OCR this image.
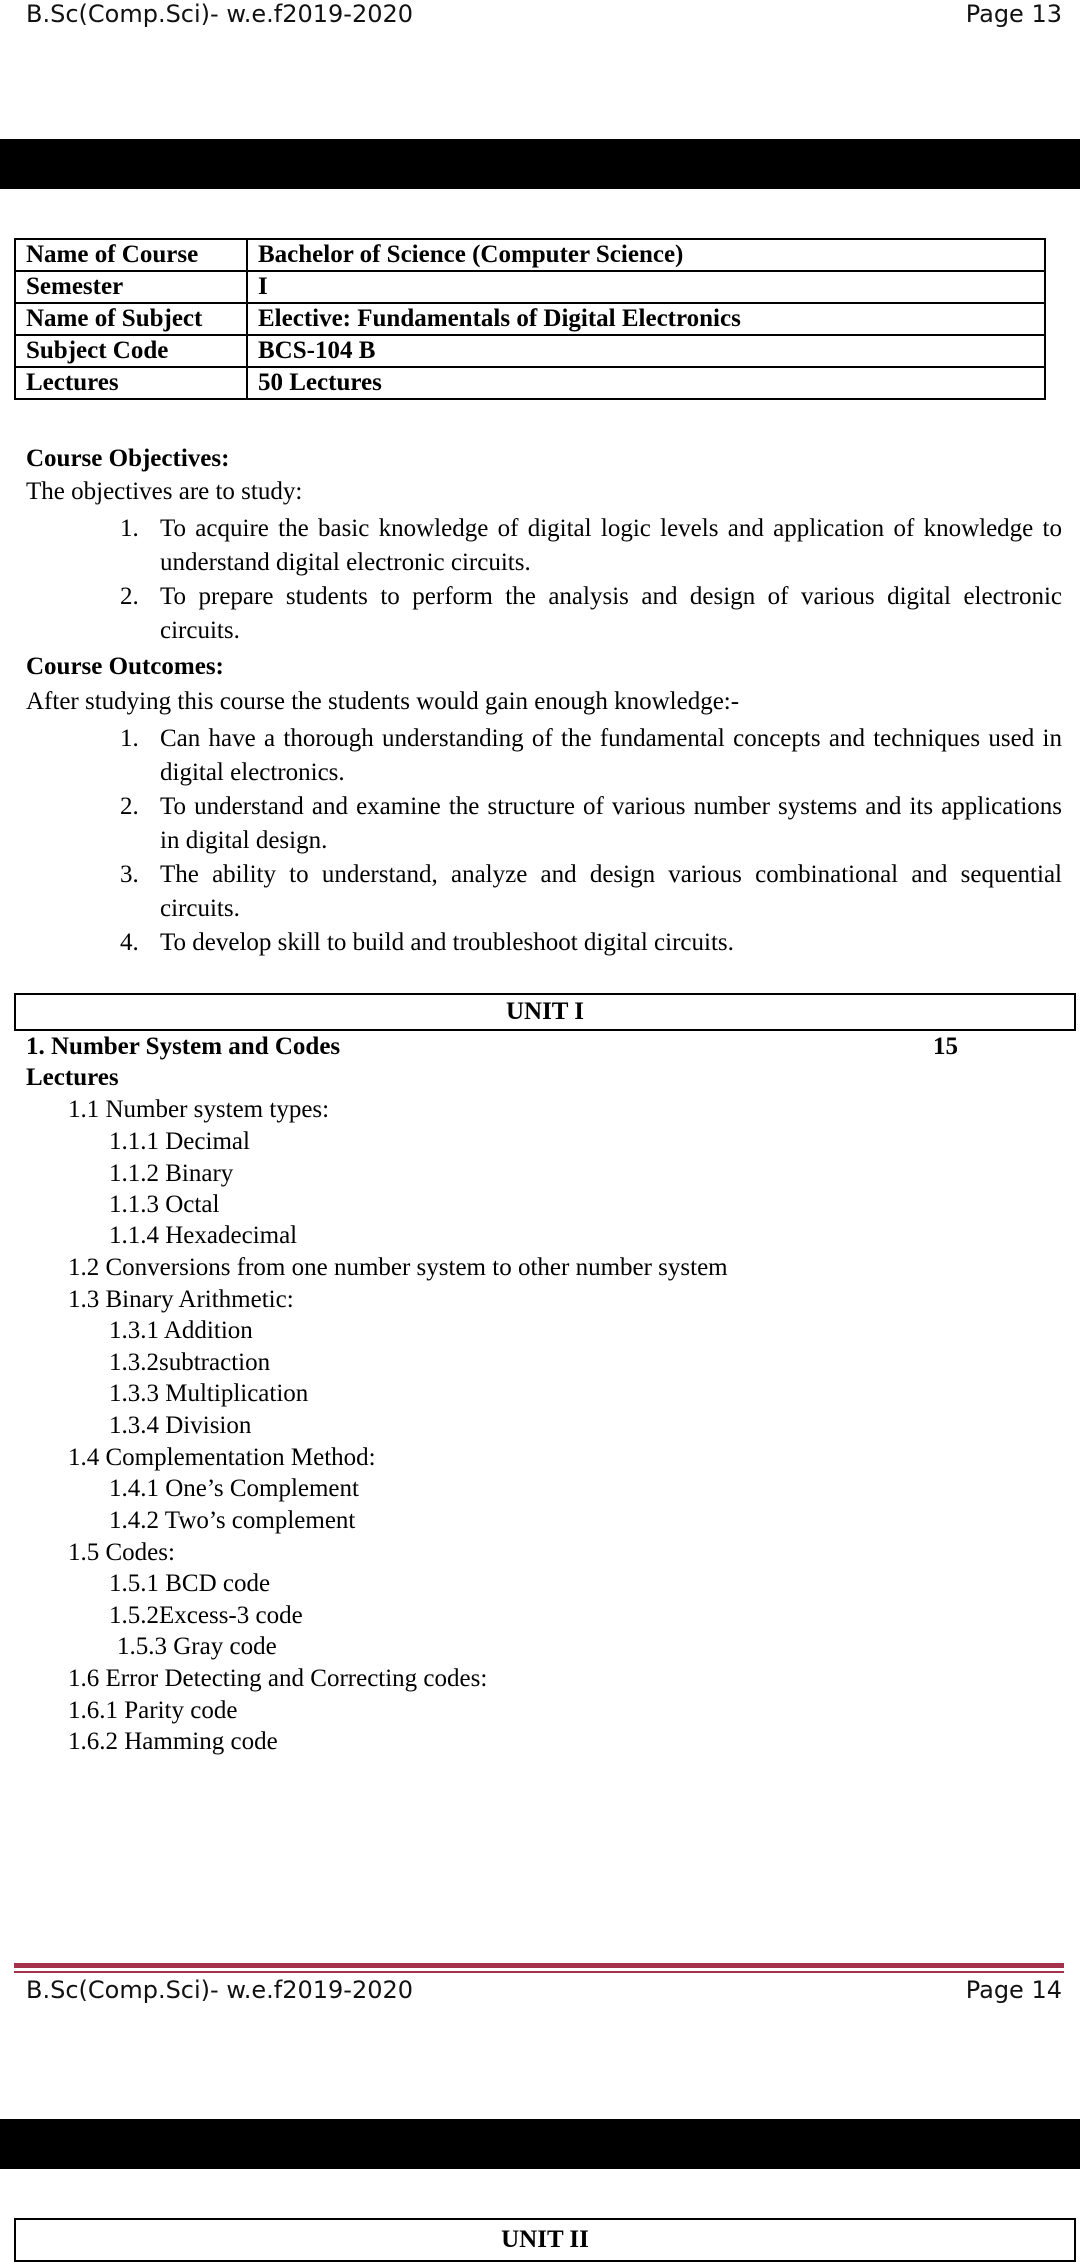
B.Sc(Comp.Sci)- w.e.f2019-2020	Page 13
Name of Course	Bachelor of Science (Computer Science)
Semester	I
Name of Subject	Elective: Fundamentals of Digital Electronics
Subject Code	BCS-104 B
Lectures	50 Lectures
Course Objectives:
The objectives are to study:
1. To acquire the basic knowledge of digital logic levels and application of knowledge to understand digital electronic circuits.
2. To prepare students to perform the analysis and design of various digital electronic circuits.
Course Outcomes:
After studying this course the students would gain enough knowledge:-
1. Can have a thorough understanding of the fundamental concepts and techniques used in digital electronics.
2. To understand and examine the structure of various number systems and its applications in digital design.
3. The ability to understand, analyze and design various combinational and sequential circuits.
4. To develop skill to build and troubleshoot digital circuits.
UNIT I
1. Number System and Codes	15
Lectures
1.1 Number system types:
1.1.1 Decimal
1.1.2 Binary
1.1.3 Octal
1.1.4 Hexadecimal
1.2 Conversions from one number system to other number system
1.3 Binary Arithmetic:
1.3.1 Addition
1.3.2subtraction
1.3.3 Multiplication
1.3.4 Division
1.4 Complementation Method:
1.4.1 One’s Complement
1.4.2 Two’s complement
1.5 Codes:
1.5.1 BCD code
1.5.2Excess-3 code
1.5.3 Gray code
1.6 Error Detecting and Correcting codes:
1.6.1 Parity code
1.6.2 Hamming code
B.Sc(Comp.Sci)- w.e.f2019-2020	Page 14
UNIT II
